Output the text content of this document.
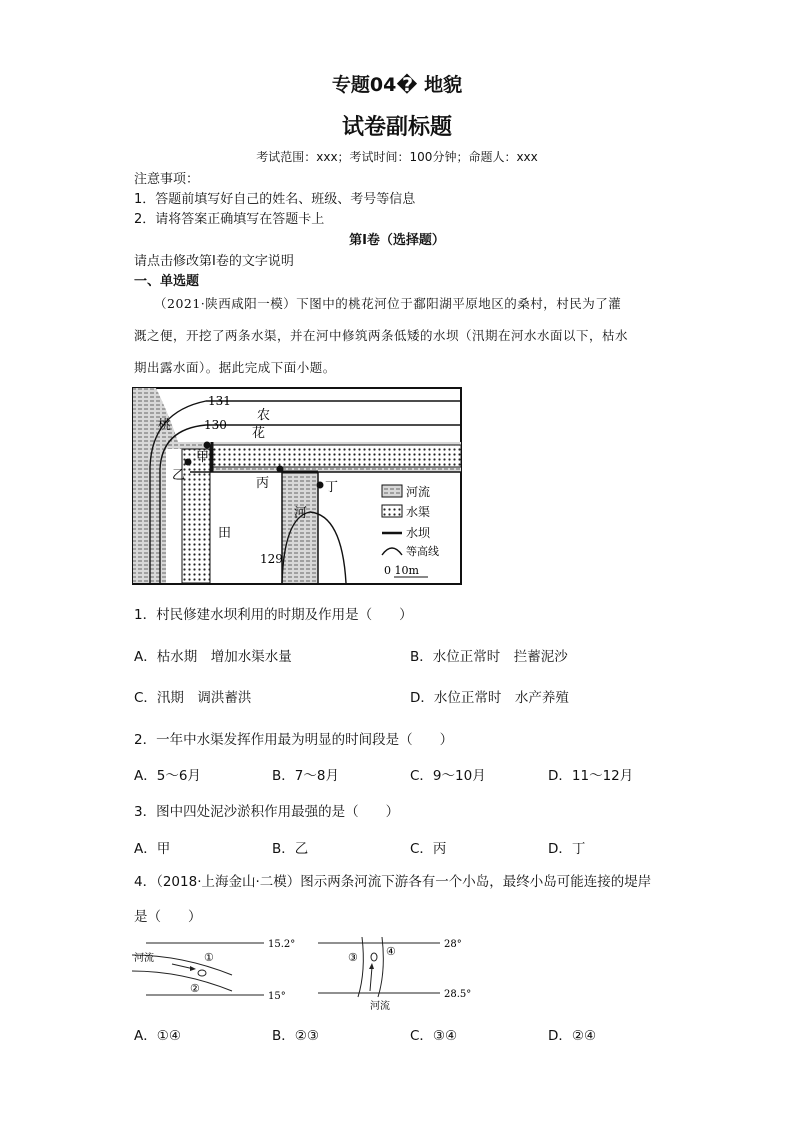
专题04� 地貌
试卷副标题
考试范围：xxx；考试时间：100分钟；命题人：xxx
注意事项：
1．答题前填写好自己的姓名、班级、考号等信息
2．请将答案正确填写在答题卡上
第I卷（选择题）
请点击修改第I卷的文字说明
一、单选题
（2021·陕西咸阳一模）下图中的桃花河位于鄱阳湖平原地区的桑村，村民为了灌
溉之便，开挖了两条水渠，并在河中修筑两条低矮的水坝（汛期在河水水面以下，枯水
期出露水面）。据此完成下面小题。
131
130
129
农
桃
花
河
田
甲
乙
丙	丁	河流
水渠
水坝
等高线
0 10m
1．村民修建水坝利用的时期及作用是（　　）
A．枯水期　增加水渠水量	B．水位正常时　拦蓄泥沙
C．汛期　调洪蓄洪	D．水位正常时　水产养殖
2．一年中水渠发挥作用最为明显的时间段是（　　）
A．5～6月	B．7～8月	C．9～10月	D．11～12月
3．图中四处泥沙淤积作用最强的是（　　）
A．甲	B．乙	C．丙	D．丁
4．（2018·上海金山·二模）图示两条河流下游各有一个小岛，最终小岛可能连接的堤岸
是（　　）
15.2°
15°
河流	①
②
28°
28.5°
③	④
河流
A．①④	B．②③	C．③④	D．②④
